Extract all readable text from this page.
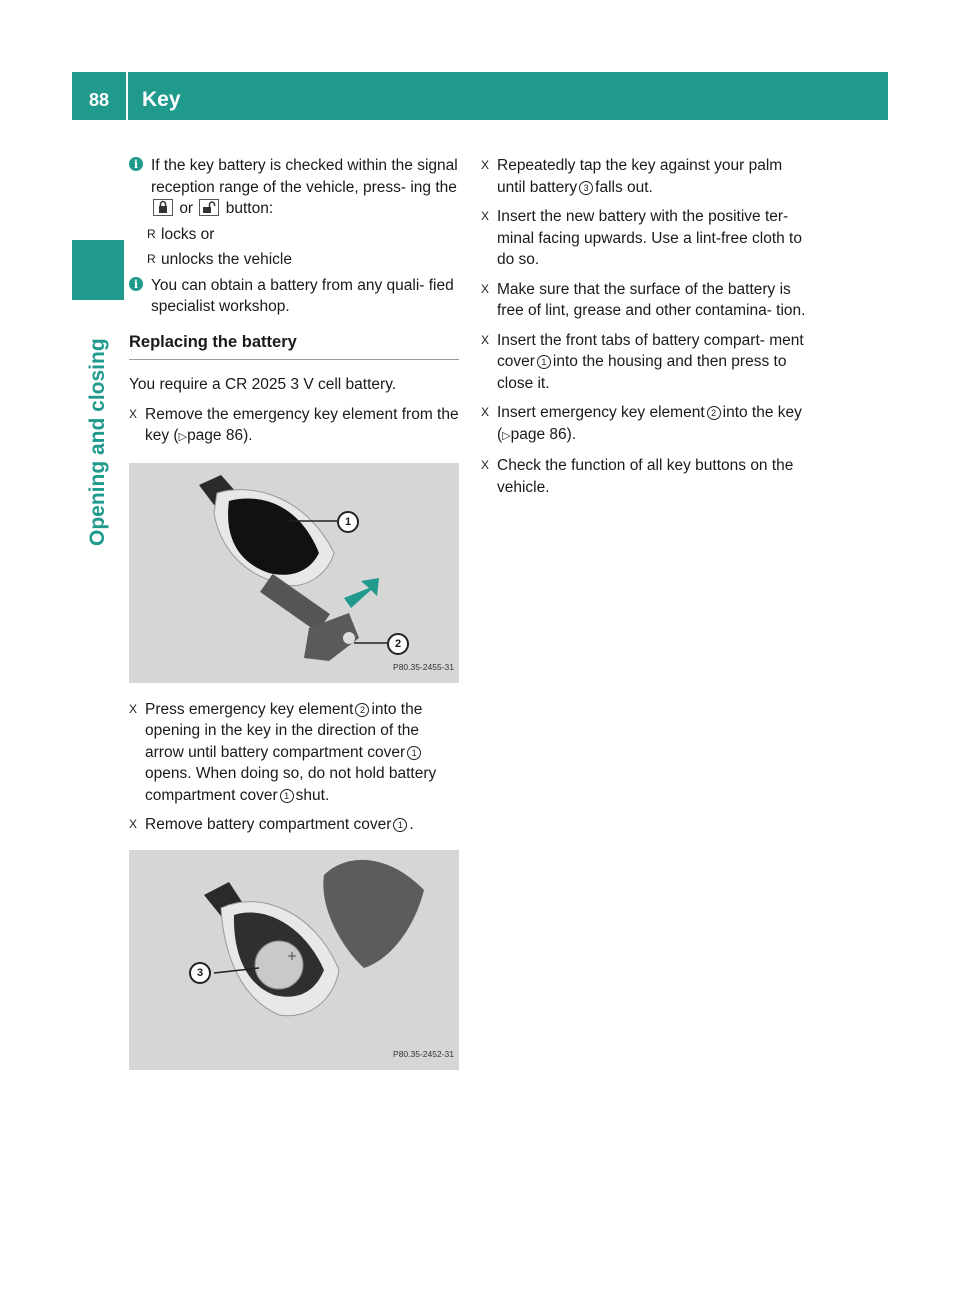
88	Key
Opening and closing
i If the key battery is checked within the signal reception range of the vehicle, press- ing the  or button:
R locks or
R unlocks the vehicle
i You can obtain a battery from any quali- fied specialist workshop.
Replacing the battery

You require a CR 2025 3 V cell battery.

X Remove the emergency key element from the key (▷page 86).
1
2
P80.35-2455-31
X Press emergency key element 2 into the opening in the key in the direction of the arrow until battery compartment cover 1opens. When doing so, do not hold battery compartment cover 1 shut.
X Remove battery compartment cover 1 .
+
3
P80.35-2452-31
X Repeatedly tap the key against your palm until battery 3 falls out.
X Insert the new battery with the positive ter- minal facing upwards. Use a lint-free cloth to do so.
X Make sure that the surface of the battery is free of lint, grease and other contamina- tion.
X Insert the front tabs of battery compart- ment cover 1 into the housing and then press to close it.
X Insert emergency key element 2 into the key (▷page 86).
X Check the function of all key buttons on the vehicle.
